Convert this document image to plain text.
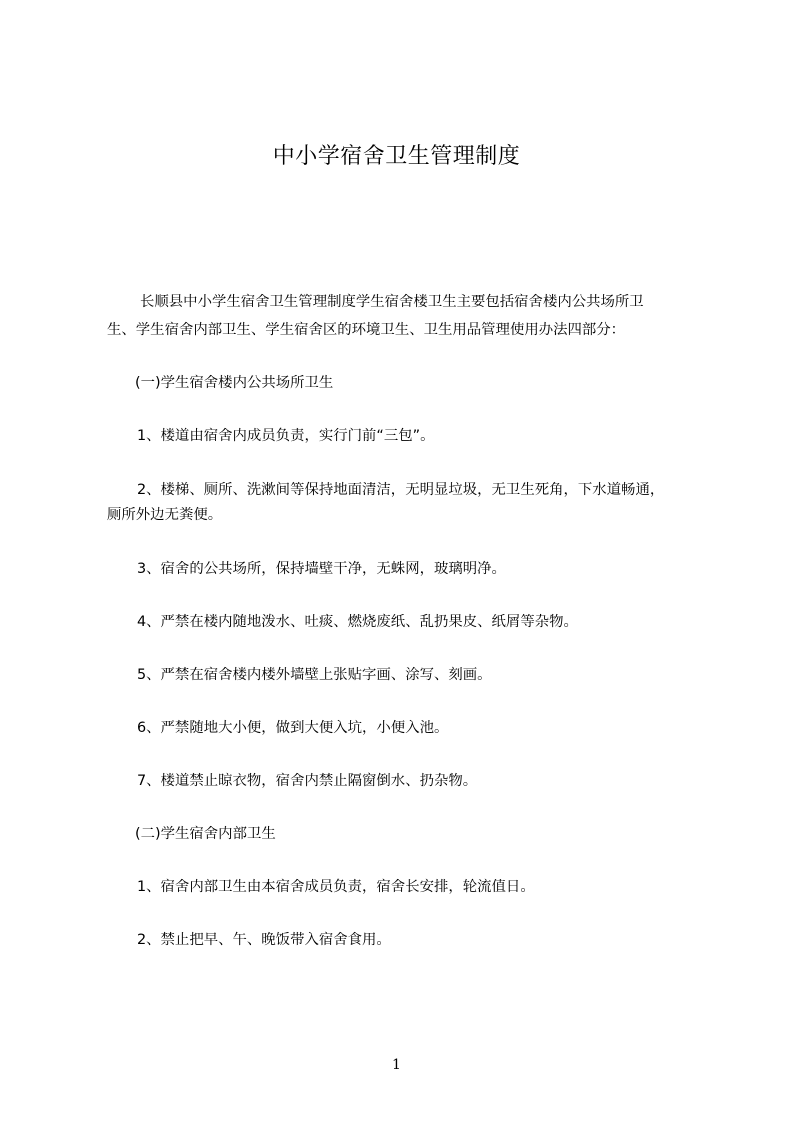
中小学宿舍卫生管理制度
长顺县中小学生宿舍卫生管理制度学生宿舍楼卫生主要包括宿舍楼内公共场所卫
生、学生宿舍内部卫生、学生宿舍区的环境卫生、卫生用品管理使用办法四部分：
(一)学生宿舍楼内公共场所卫生
1、楼道由宿舍内成员负责，实行门前“三包”。
2、楼梯、厕所、洗漱间等保持地面清洁，无明显垃圾，无卫生死角，下水道畅通，
厕所外边无粪便。
3、宿舍的公共场所，保持墙壁干净，无蛛网，玻璃明净。
4、严禁在楼内随地泼水、吐痰、燃烧废纸、乱扔果皮、纸屑等杂物。
5、严禁在宿舍楼内楼外墙壁上张贴字画、涂写、刻画。
6、严禁随地大小便，做到大便入坑，小便入池。
7、楼道禁止晾衣物，宿舍内禁止隔窗倒水、扔杂物。
(二)学生宿舍内部卫生
1、宿舍内部卫生由本宿舍成员负责，宿舍长安排，轮流值日。
2、禁止把早、午、晚饭带入宿舍食用。
1
